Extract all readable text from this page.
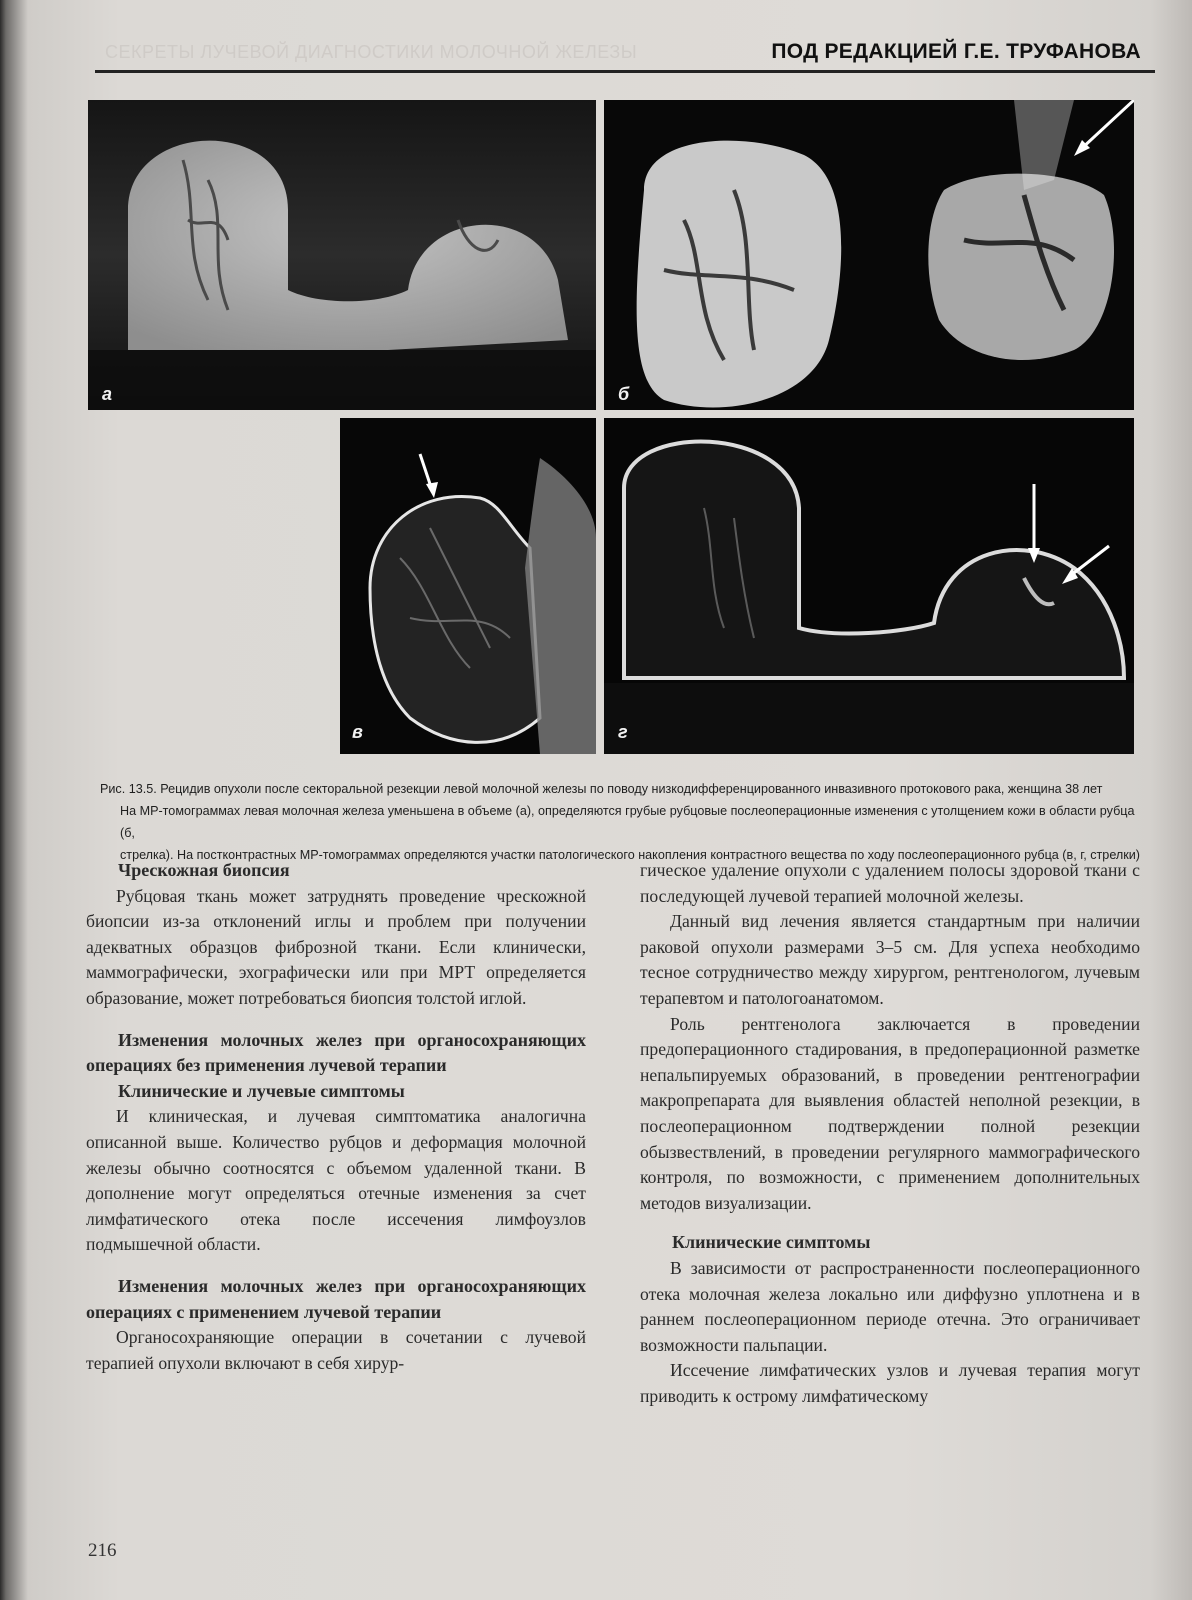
СЕКРЕТЫ ЛУЧЕВОЙ ДИАГНОСТИКИ МОЛОЧНОЙ ЖЕЛЕЗЫ	ПОД РЕДАКЦИЕЙ Г.Е. ТРУФАНОВА
а	б
в	г
Рис. 13.5. Рецидив опухоли после секторальной резекции левой молочной железы по поводу низкодифференцированного инвазивного протокового рака, женщина 38 лет
На МР-томограммах левая молочная железа уменьшена в объеме (а), определяются грубые рубцовые послеоперационные изменения с утолщением кожи в области рубца (б,
стрелка). На постконтрастных МР-томограммах определяются участки патологического накопления контрастного вещества по ходу послеоперационного рубца (в, г, стрелки)
Чрескожная биопсия

Рубцовая ткань может затруднять проведение чрескожной биопсии из-за отклонений иглы и проблем при получении адекватных образцов фиброзной ткани. Если клинически, маммографически, эхографически или при МРТ определяется образование, может потребоваться биопсия толстой иглой.

Изменения молочных желез при органосохраняющих операциях без применения лучевой терапии
Клинические и лучевые симптомы

И клиническая, и лучевая симптоматика аналогична описанной выше. Количество рубцов и деформация молочной железы обычно соотносятся с объемом удаленной ткани. В дополнение могут определяться отечные изменения за счет лимфатического отека после иссечения лимфоузлов подмышечной области.

Изменения молочных желез при органосохраняющих операциях с применением лучевой терапии

Органосохраняющие операции в сочетании с лучевой терапией опухоли включают в себя хирур-

гическое удаление опухоли с удалением полосы здоровой ткани с последующей лучевой терапией молочной железы.

Данный вид лечения является стандартным при наличии раковой опухоли размерами 3–5 см. Для успеха необходимо тесное сотрудничество между хирургом, рентгенологом, лучевым терапевтом и патологоанатомом.

Роль рентгенолога заключается в проведении предоперационного стадирования, в предоперационной разметке непальпируемых образований, в проведении рентгенографии макропрепарата для выявления областей неполной резекции, в послеоперационном подтверждении полной резекции обызвествлений, в проведении регулярного маммографического контроля, по возможности, с применением дополнительных методов визуализации.

Клинические симптомы

В зависимости от распространенности послеоперационного отека молочная железа локально или диффузно уплотнена и в раннем послеоперационном периоде отечна. Это ограничивает возможности пальпации.

Иссечение лимфатических узлов и лучевая терапия могут приводить к острому лимфатическому

216
